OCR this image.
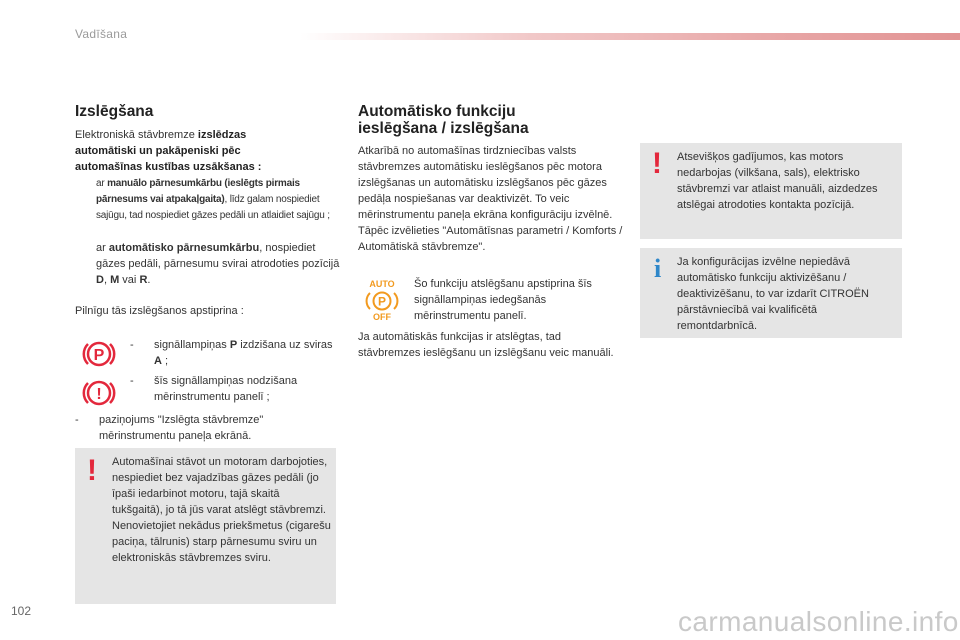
Vadīšana
Izslēgšana
Elektroniskā stāvbremze izslēdzas automātiski un pakāpeniski pēc automašīnas kustības uzsākšanas :
ar manuālo pārnesumkārbu (ieslēgts pirmais pārnesums vai atpakaļgaita), līdz galam nospiediet sajūgu, tad nospiediet gāzes pedāli un atlaidiet sajūgu ;
ar automātisko pārnesumkārbu, nospiediet gāzes pedāli, pārnesumu svirai atrodoties pozīcijā D, M vai R.
Pilnīgu tās izslēgšanos apstiprina :
P
!
- signāllampiņas P izdzišana uz sviras A ;
- šīs signāllampiņas nodzišana mērinstrumentu panelī ;
- paziņojums "Izslēgta stāvbremze" mērinstrumentu paneļa ekrānā.
! Automašīnai stāvot un motoram darbojoties, nespiediet bez vajadzības gāzes pedāli (jo īpaši iedarbinot motoru, tajā skaitā tukšgaitā), jo tā jūs varat atslēgt stāvbremzi. Nenovietojiet nekādus priekšmetus (cigarešu paciņa, tālrunis) starp pārnesumu sviru un elektroniskās stāvbremzes sviru.
Automātisko funkciju
ieslēgšana / izslēgšana
Atkarībā no automašīnas tirdzniecības valsts stāvbremzes automātisku ieslēgšanos pēc motora izslēgšanas un automātisku izslēgšanos pēc gāzes pedāļa nospiešanas var deaktivizēt. To veic mērinstrumentu paneļa ekrāna konfigurāciju izvēlnē. Tāpēc izvēlieties "Automātīsnas parametri / Komforts / Automātiskā stāvbremze".
AUTO
P
OFF
Šo funkciju atslēgšanu apstiprina šīs signāllampiņas iedegšanās mērinstrumentu panelī.
Ja automātiskās funkcijas ir atslēgtas, tad stāvbremzes ieslēgšanu un izslēgšanu veic manuāli.
! Atsevišķos gadījumos, kas motors nedarbojas (vilkšana, sals), elektrisko stāvbremzi var atlaist manuāli, aizdedzes atslēgai atrodoties kontakta pozīcijā.
i Ja konfigurācijas izvēlne nepiedāvā automātisko funkciju aktivizēšanu / deaktivizēšanu, to var izdarīt CITROËN pārstāvniecībā vai kvalificētā remontdarbnīcā.
102	carmanualsonline.info
